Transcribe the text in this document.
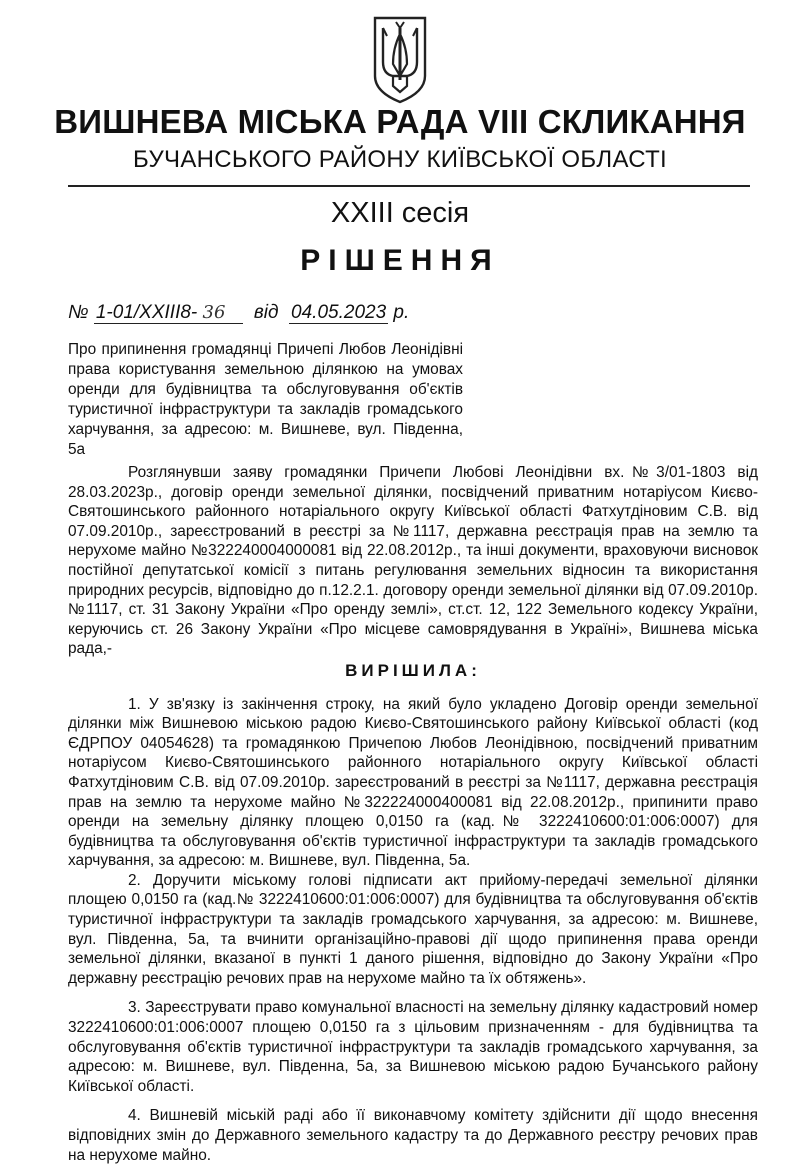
ВИШНЕВА МІСЬКА РАДА VIII СКЛИКАННЯ
БУЧАНСЬКОГО РАЙОНУ КИЇВСЬКОЇ ОБЛАСТІ
XXIII сесія
РІШЕННЯ
№ 1-01/XXIII8- 36 від 04.05.2023 р.
Про припинення громадянці Причепі Любов Леонідівні права користування земельною ділянкою на умовах оренди для будівництва та обслуговування об'єктів туристичної інфраструктури та закладів громадського харчування, за адресою: м. Вишневе, вул. Південна, 5а

Розглянувши заяву громадянки Причепи Любові Леонідівни вх.№3/01-1803 від 28.03.2023р., договір оренди земельної ділянки, посвідчений приватним нотаріусом Києво-Святошинського районного нотаріального округу Київської області Фатхутдіновим С.В. від 07.09.2010р., зареєстрований в реєстрі за №1117, державна реєстрація прав на землю та нерухоме майно №322240004000081 від 22.08.2012р., та інші документи, враховуючи висновок постійної депутатської комісії з питань регулювання земельних відносин та використання природних ресурсів, відповідно до п.12.2.1. договору оренди земельної ділянки від 07.09.2010р. №1117, ст. 31 Закону України «Про оренду землі», ст.ст. 12, 122 Земельного кодексу України, керуючись ст. 26 Закону України «Про місцеве самоврядування в Україні», Вишнева міська рада,-

ВИРІШИЛА:

1. У зв'язку із закінчення строку, на який було укладено Договір оренди земельної ділянки між Вишневою міською радою Києво-Святошинського району Київської області (код ЄДРПОУ 04054628) та громадянкою Причепою Любов Леонідівною, посвідчений приватним нотаріусом Києво-Святошинського районного нотаріального округу Київської області Фатхутдіновим С.В. від 07.09.2010р. зареєстрований в реєстрі за №1117, державна реєстрація прав на землю та нерухоме майно №322224000400081 від 22.08.2012р., припинити право оренди на земельну ділянку площею 0,0150 га (кад.№ 3222410600:01:006:0007) для будівництва та обслуговування об'єктів туристичної інфраструктури та закладів громадського харчування, за адресою: м. Вишневе, вул. Південна, 5а.

2. Доручити міському голові підписати акт прийому-передачі земельної ділянки площею 0,0150 га (кад.№ 3222410600:01:006:0007) для будівництва та обслуговування об'єктів туристичної інфраструктури та закладів громадського харчування, за адресою: м. Вишневе, вул. Південна, 5а, та вчинити організаційно-правові дії щодо припинення права оренди земельної ділянки, вказаної в пункті 1 даного рішення, відповідно до Закону України «Про державну реєстрацію речових прав на нерухоме майно та їх обтяжень».

3. Зареєструвати право комунальної власності на земельну ділянку кадастровий номер 3222410600:01:006:0007 площею 0,0150 га з цільовим призначенням - для будівництва та обслуговування об'єктів туристичної інфраструктури та закладів громадського харчування, за адресою: м. Вишневе, вул. Південна, 5а, за Вишневою міською радою Бучанського району Київської області.

4. Вишневій міській раді або її виконавчому комітету здійснити дії щодо внесення відповідних змін до Державного земельного кадастру та до Державного реєстру речових прав на нерухоме майно.
